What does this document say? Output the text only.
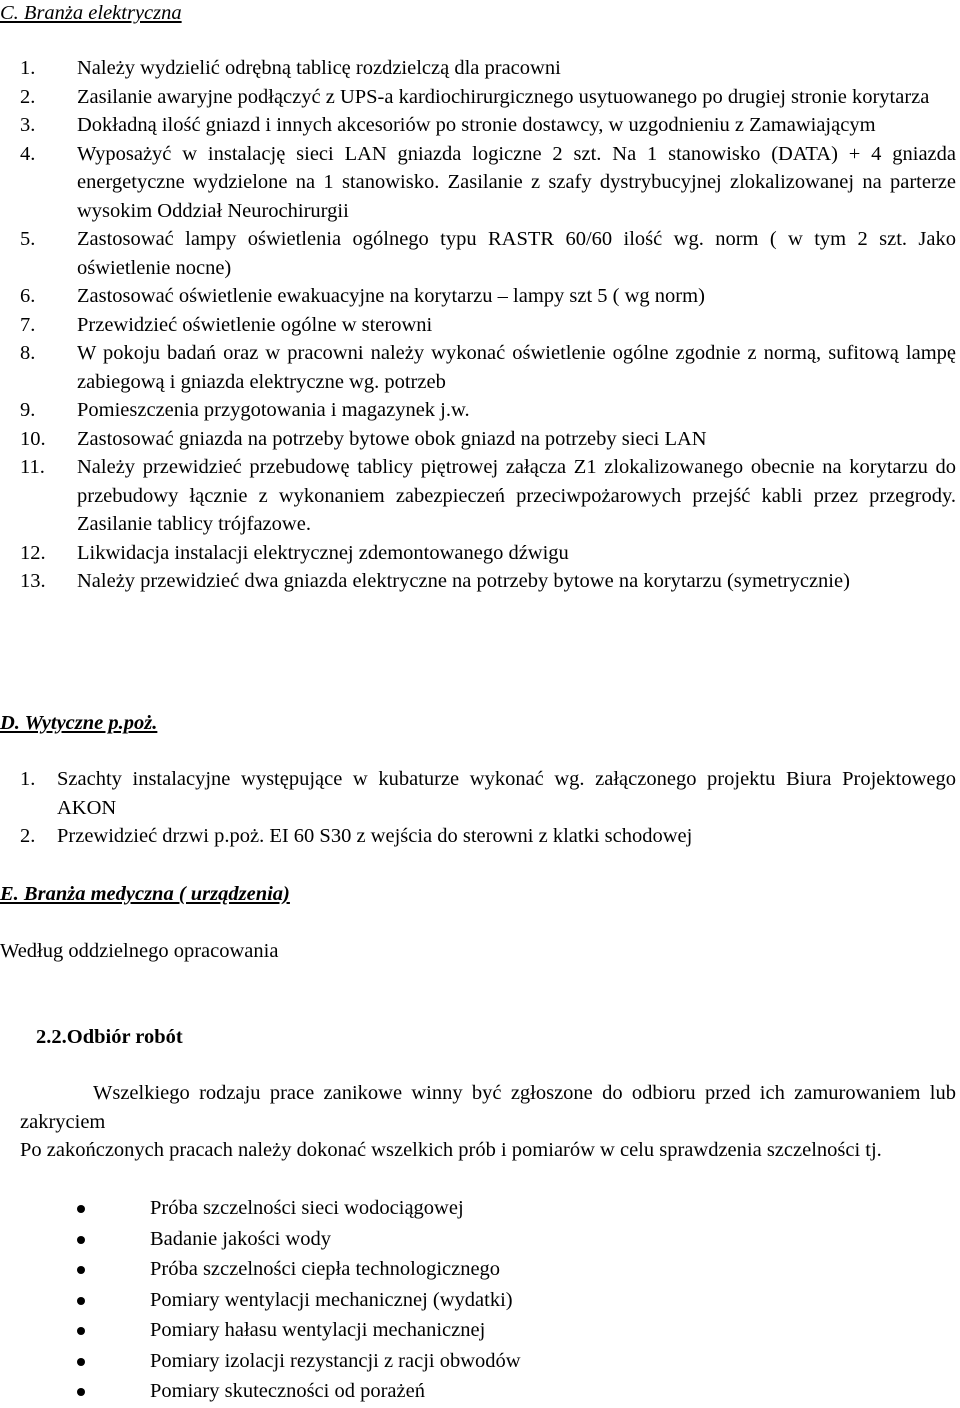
C. Branża elektryczna
1. Należy wydzielić odrębną tablicę rozdzielczą dla pracowni
2. Zasilanie awaryjne podłączyć z UPS-a kardiochirurgicznego usytuowanego po drugiej stronie korytarza
3. Dokładną ilość gniazd i innych akcesoriów po stronie dostawcy, w uzgodnieniu z Zamawiającym
4. Wyposażyć w instalację sieci LAN gniazda logiczne 2 szt. Na 1 stanowisko (DATA) + 4 gniazda energetyczne wydzielone na 1 stanowisko. Zasilanie z szafy dystrybucyjnej zlokalizowanej na parterze wysokim Oddział Neurochirurgii
5. Zastosować lampy oświetlenia ogólnego typu RASTR 60/60 ilość wg. norm ( w tym 2 szt. Jako oświetlenie nocne)
6. Zastosować oświetlenie ewakuacyjne na korytarzu – lampy szt 5 ( wg norm)
7. Przewidzieć oświetlenie ogólne w sterowni
8. W pokoju badań oraz w pracowni należy wykonać oświetlenie ogólne zgodnie z normą, sufitową lampę zabiegową i gniazda elektryczne wg. potrzeb
9. Pomieszczenia przygotowania i magazynek j.w.
10. Zastosować gniazda na potrzeby bytowe obok gniazd na potrzeby sieci LAN
11. Należy przewidzieć przebudowę tablicy piętrowej załącza Z1 zlokalizowanego obecnie na korytarzu do przebudowy łącznie z wykonaniem zabezpieczeń przeciwpożarowych przejść kabli przez przegrody. Zasilanie tablicy trójfazowe.
12. Likwidacja instalacji elektrycznej zdemontowanego dźwigu
13. Należy przewidzieć dwa gniazda elektryczne na potrzeby bytowe na korytarzu (symetrycznie)
D. Wytyczne p.poż.
1. Szachty instalacyjne występujące w kubaturze wykonać wg. załączonego projektu Biura Projektowego AKON
2. Przewidzieć drzwi p.poż. EI 60 S30 z wejścia do sterowni z klatki schodowej
E. Branża medyczna ( urządzenia)
Według oddzielnego opracowania
2.2.Odbiór robót
Wszelkiego rodzaju prace zanikowe winny być zgłoszone do odbioru przed ich zamurowaniem lub zakryciem
Po zakończonych pracach należy dokonać wszelkich prób i pomiarów w celu sprawdzenia szczelności tj.
Próba szczelności sieci wodociągowej
Badanie jakości wody
Próba szczelności ciepła technologicznego
Pomiary wentylacji mechanicznej (wydatki)
Pomiary hałasu wentylacji mechanicznej
Pomiary izolacji rezystancji z racji obwodów
Pomiary skuteczności od porażeń
